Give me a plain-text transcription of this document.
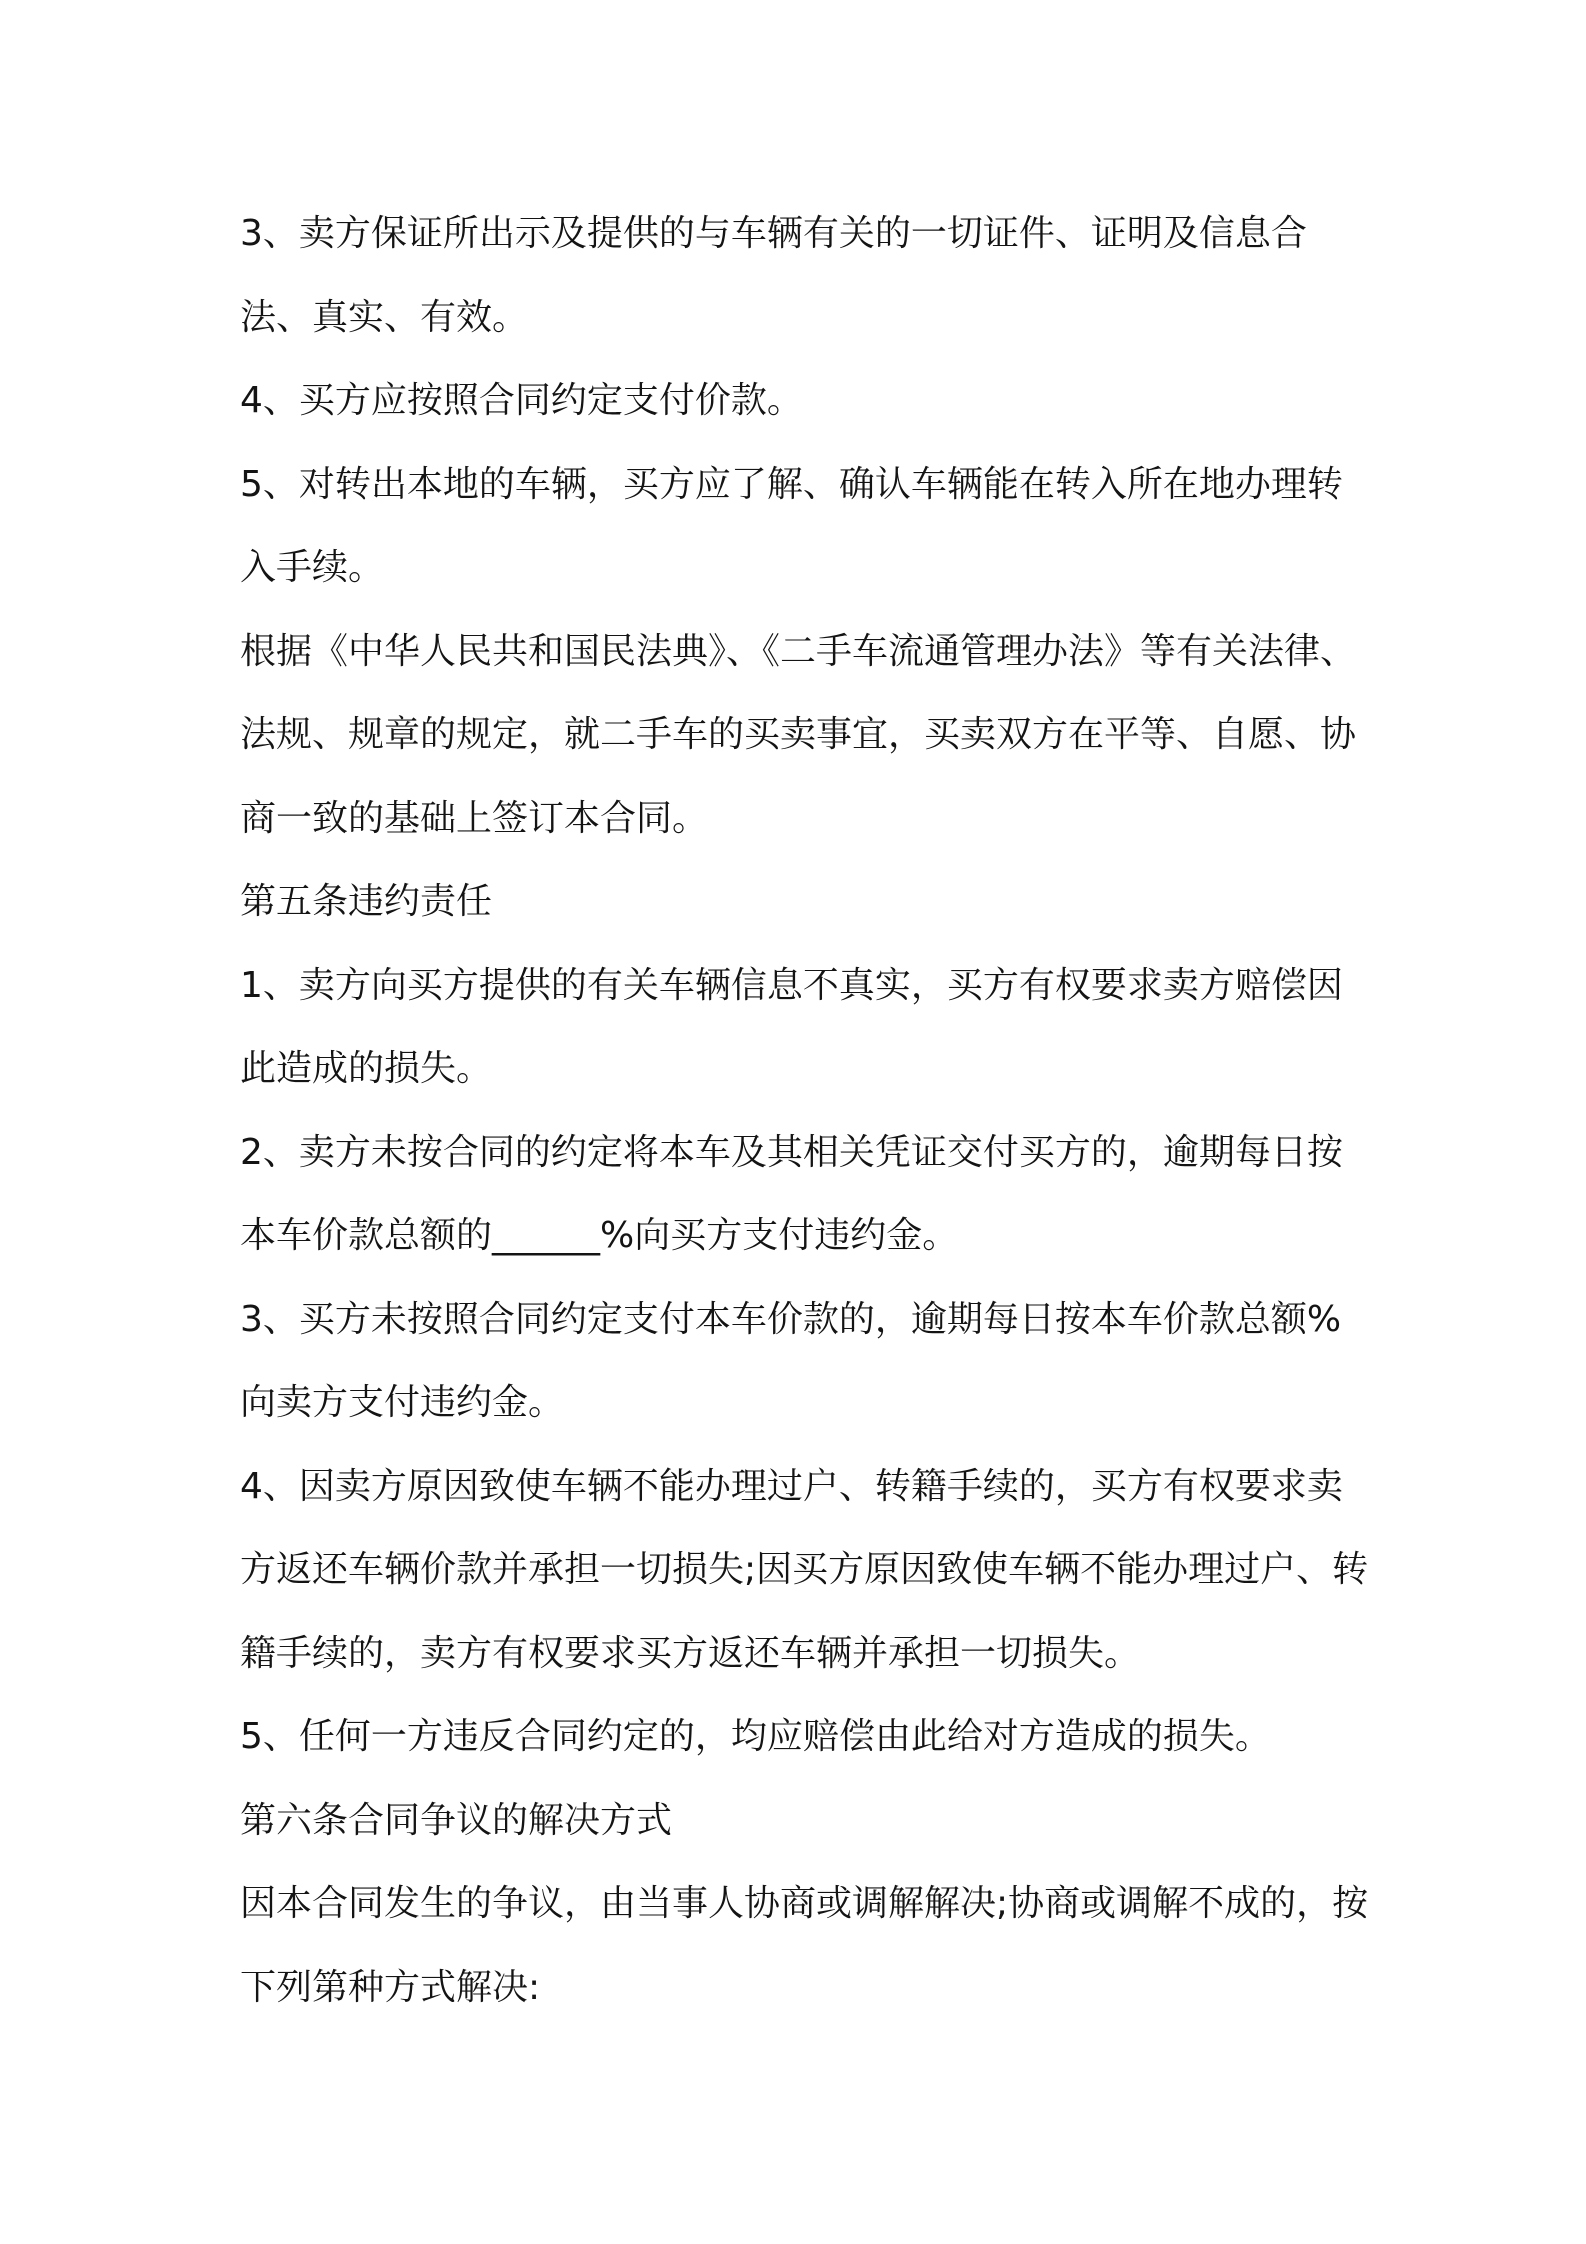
3、卖方保证所出示及提供的与车辆有关的一切证件、证明及信息合法、真实、有效。

4、买方应按照合同约定支付价款。

5、对转出本地的车辆，买方应了解、确认车辆能在转入所在地办理转入手续。

根据《中华人民共和国民法典》、《二手车流通管理办法》等有关法律、法规、规章的规定，就二手车的买卖事宜，买卖双方在平等、自愿、协商一致的基础上签订本合同。

第五条违约责任

1、卖方向买方提供的有关车辆信息不真实，买方有权要求卖方赔偿因此造成的损失。

2、卖方未按合同的约定将本车及其相关凭证交付买方的，逾期每日按本车价款总额的______%向买方支付违约金。

3、买方未按照合同约定支付本车价款的，逾期每日按本车价款总额%向卖方支付违约金。

4、因卖方原因致使车辆不能办理过户、转籍手续的，买方有权要求卖方返还车辆价款并承担一切损失;因买方原因致使车辆不能办理过户、转籍手续的，卖方有权要求买方返还车辆并承担一切损失。

5、任何一方违反合同约定的，均应赔偿由此给对方造成的损失。

第六条合同争议的解决方式

因本合同发生的争议，由当事人协商或调解解决;协商或调解不成的，按下列第种方式解决:
